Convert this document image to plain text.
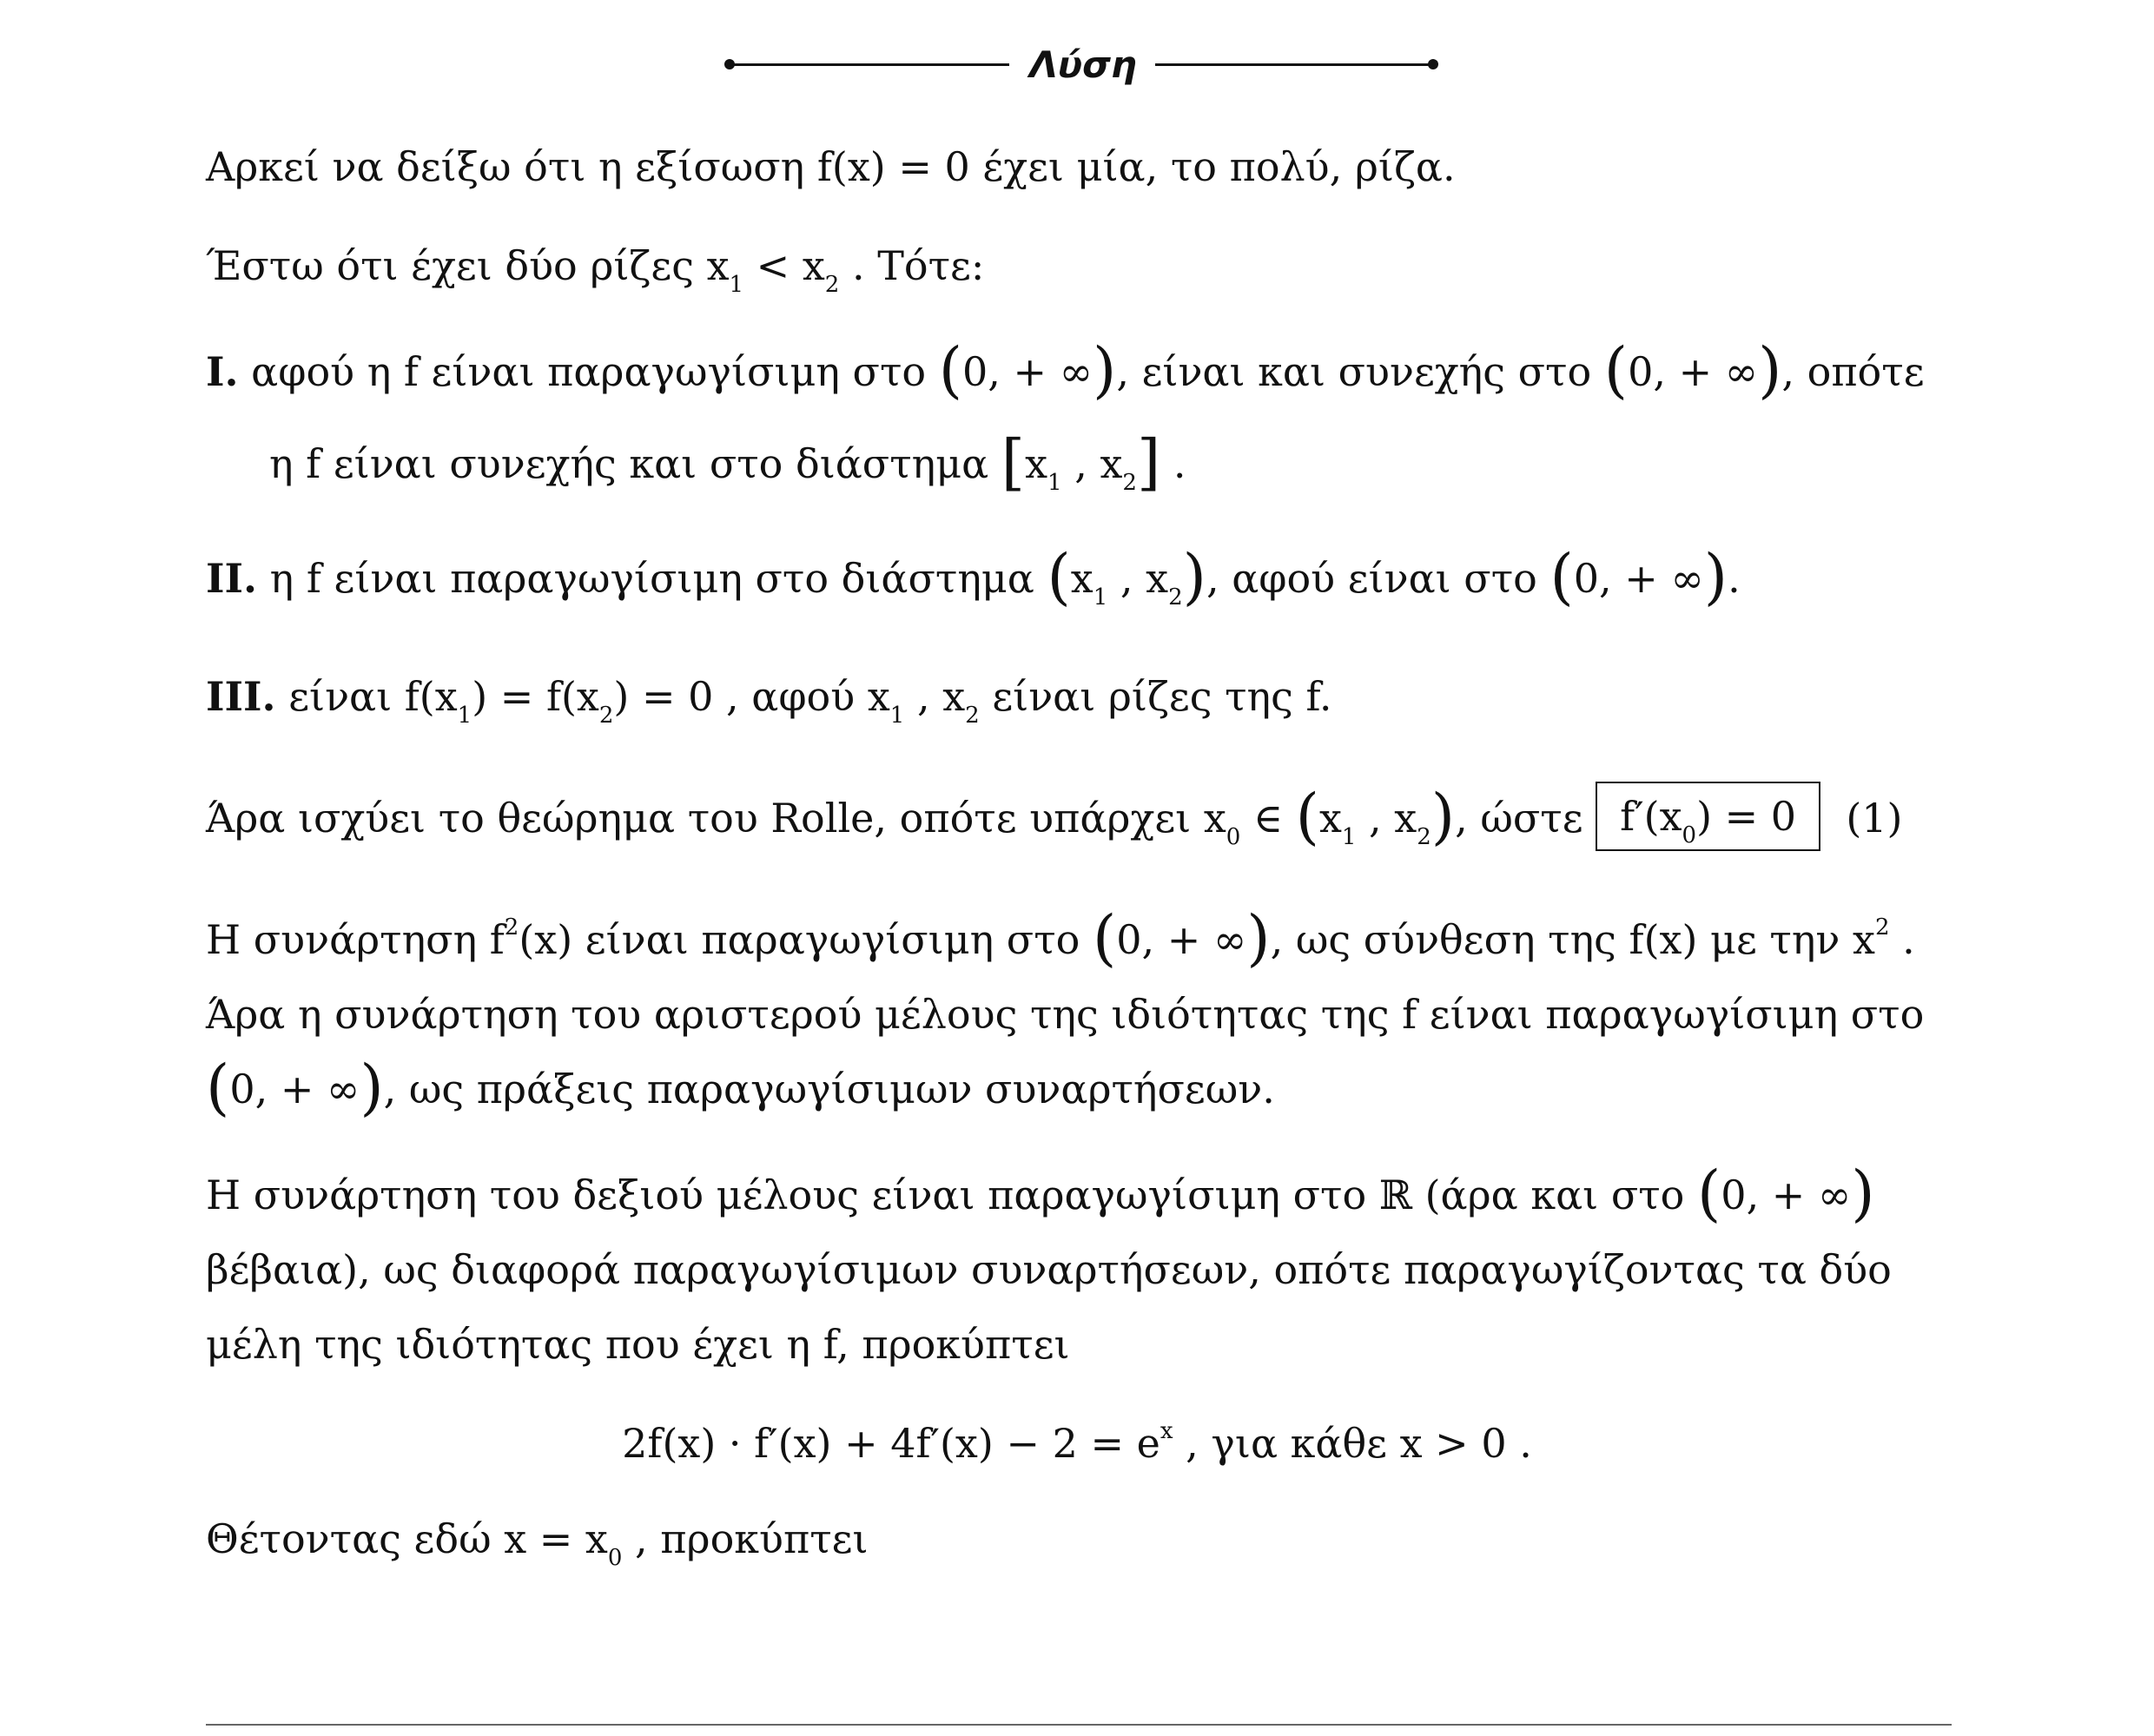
Λύση
Αρκεί να δείξω ότι η εξίσωση f(x) = 0 έχει μία, το πολύ, ρίζα.
Έστω ότι έχει δύο ρίζες $x_1 < x_2$ . Τότε:
I. αφού η f είναι παραγωγίσιμη στο (0, + ∞), είναι και συνεχής στο (0, + ∞), οπότε
η f είναι συνεχής και στο διάστημα [$x_1$ , $x_2$] .
II. η f είναι παραγωγίσιμη στο διάστημα ($x_1$ , $x_2$), αφού είναι στο (0, + ∞).
III. είναι $f(x_1) = f(x_2) = 0$ , αφού $x_1$ , $x_2$ είναι ρίζες της f.
Άρα ισχύει το θεώρημα του Rolle, οπότε υπάρχει $x_0$ ∈ ($x_1$ , $x_2$), ώστε $f'(x_0) = 0$ (1)
Η συνάρτηση $f^2(x)$ είναι παραγωγίσιμη στο (0, + ∞), ως σύνθεση της f(x) με την $x^2$ .
Άρα η συνάρτηση του αριστερού μέλους της ιδιότητας της f είναι παραγωγίσιμη στο
(0, + ∞), ως πράξεις παραγωγίσιμων συναρτήσεων.
Η συνάρτηση του δεξιού μέλους είναι παραγωγίσιμη στο ℝ (άρα και στο (0, + ∞)
βέβαια), ως διαφορά παραγωγίσιμων συναρτήσεων, οπότε παραγωγίζοντας τα δύο
μέλη της ιδιότητας που έχει η f, προκύπτει
$2f(x) \cdot f'(x) + 4f'(x) - 2 = e^x$ , για κάθε x > 0 .
Θέτοντας εδώ $x = x_0$ , προκύπτει
